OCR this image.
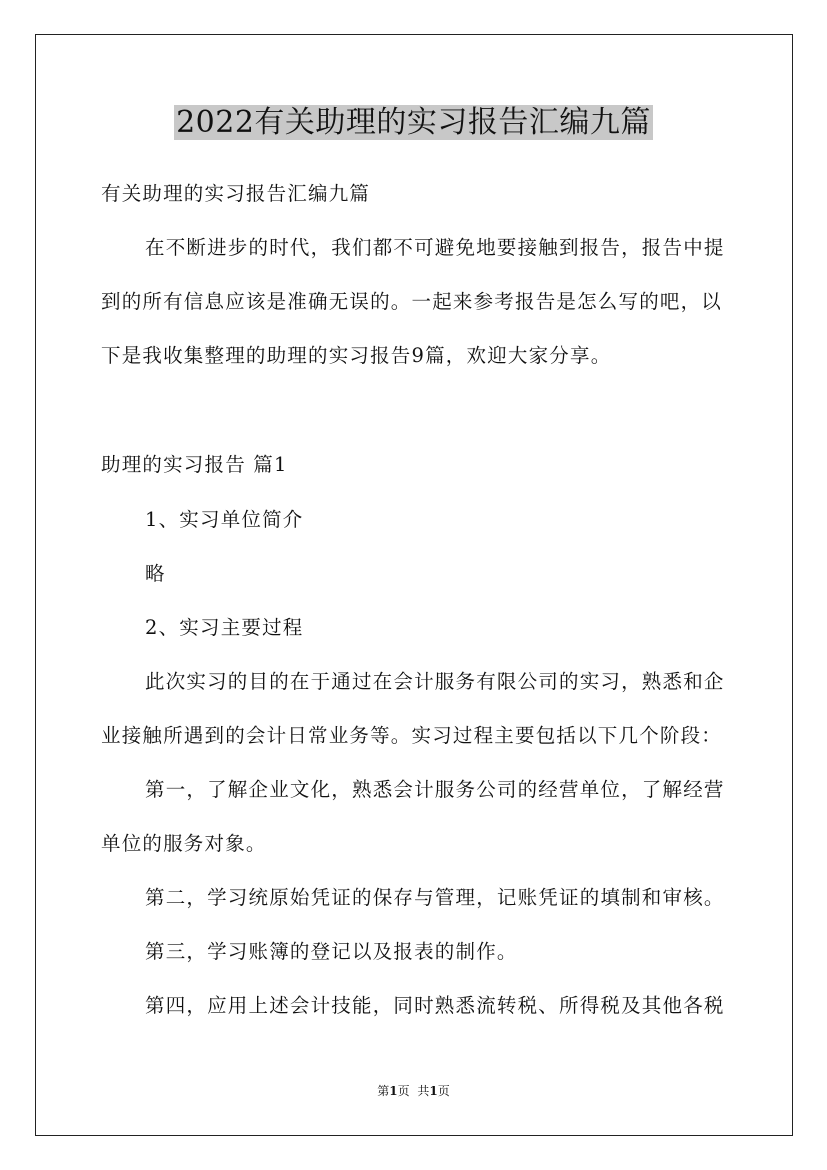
2022有关助理的实习报告汇编九篇
有关助理的实习报告汇编九篇
在不断进步的时代，我们都不可避免地要接触到报告，报告中提
到的所有信息应该是准确无误的。一起来参考报告是怎么写的吧，以
下是我收集整理的助理的实习报告9篇，欢迎大家分享。
助理的实习报告 篇1
1、实习单位简介
略
2、实习主要过程
此次实习的目的在于通过在会计服务有限公司的实习，熟悉和企
业接触所遇到的会计日常业务等。实习过程主要包括以下几个阶段：
第一，了解企业文化，熟悉会计服务公司的经营单位，了解经营
单位的服务对象。
第二，学习统原始凭证的保存与管理，记账凭证的填制和审核。
第三，学习账簿的登记以及报表的制作。
第四，应用上述会计技能，同时熟悉流转税、所得税及其他各税
第1页 共1页
